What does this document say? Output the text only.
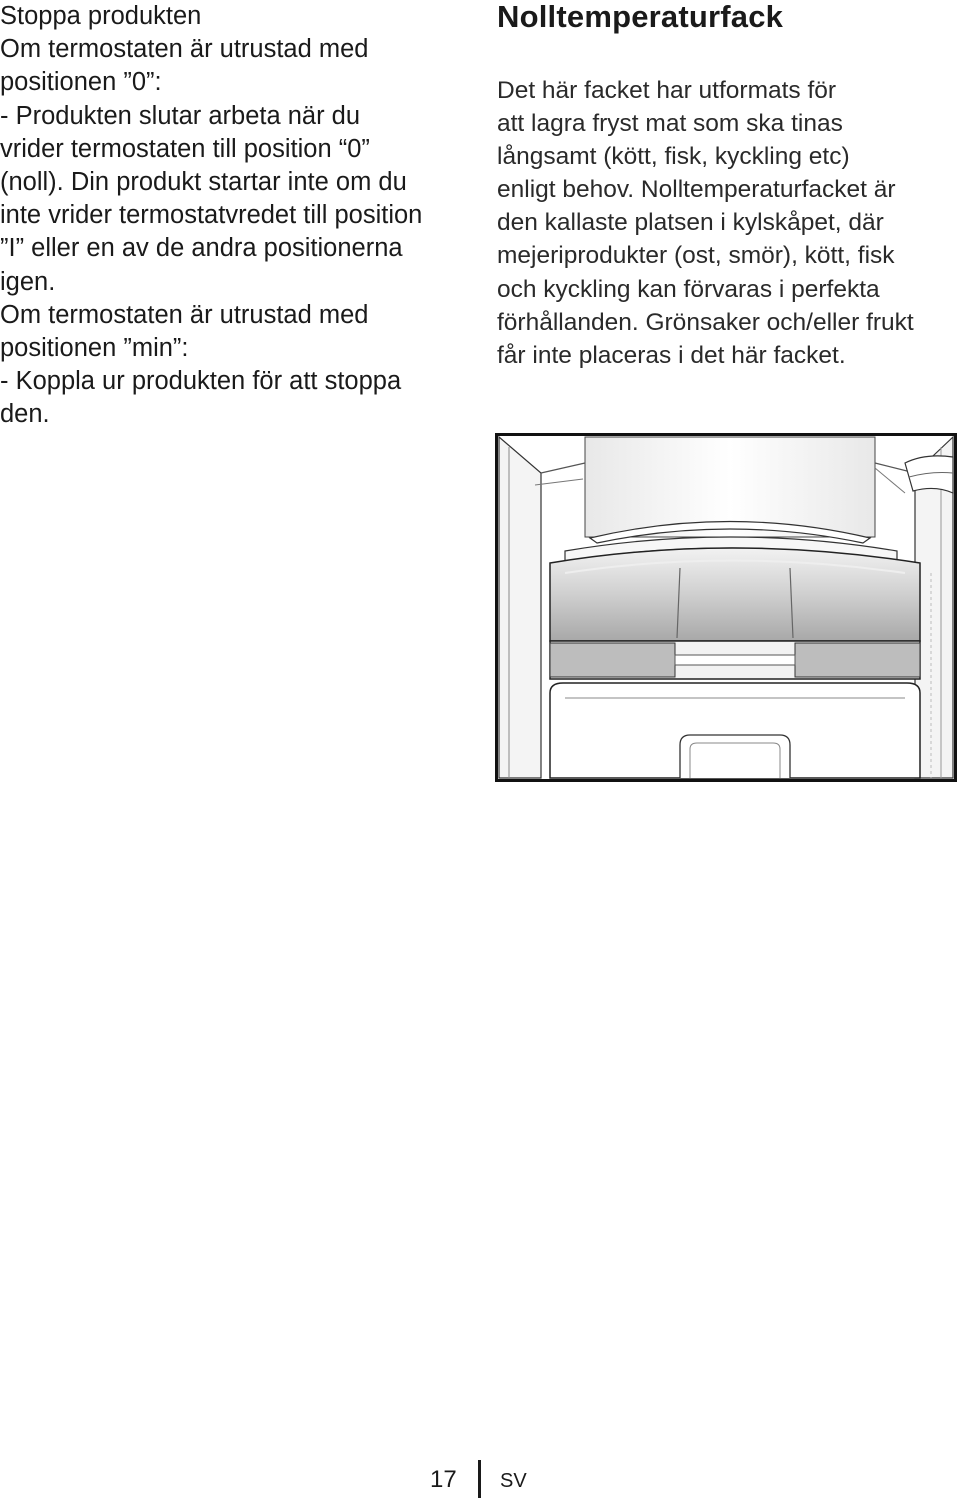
Stoppa produkten

Om termostaten är utrustad med

positionen ”0”:

- Produkten slutar arbeta när du

vrider termostaten till position “0”

(noll). Din produkt startar inte om du

inte vrider termostatvredet till position

”I” eller en av de andra positionerna

igen.

Om termostaten är utrustad med

positionen ”min”:

- Koppla ur produkten för att stoppa

den.

Nolltemperaturfack
Det här facket har utformats för
att lagra fryst mat som ska tinas
långsamt (kött, fisk, kyckling etc)
enligt behov. Nolltemperaturfacket är
den kallaste platsen i kylskåpet, där
mejeriprodukter (ost, smör), kött, fisk
och kyckling kan förvaras i perfekta
förhållanden. Grönsaker och/eller frukt
får inte placeras i det här facket.
17 SV
